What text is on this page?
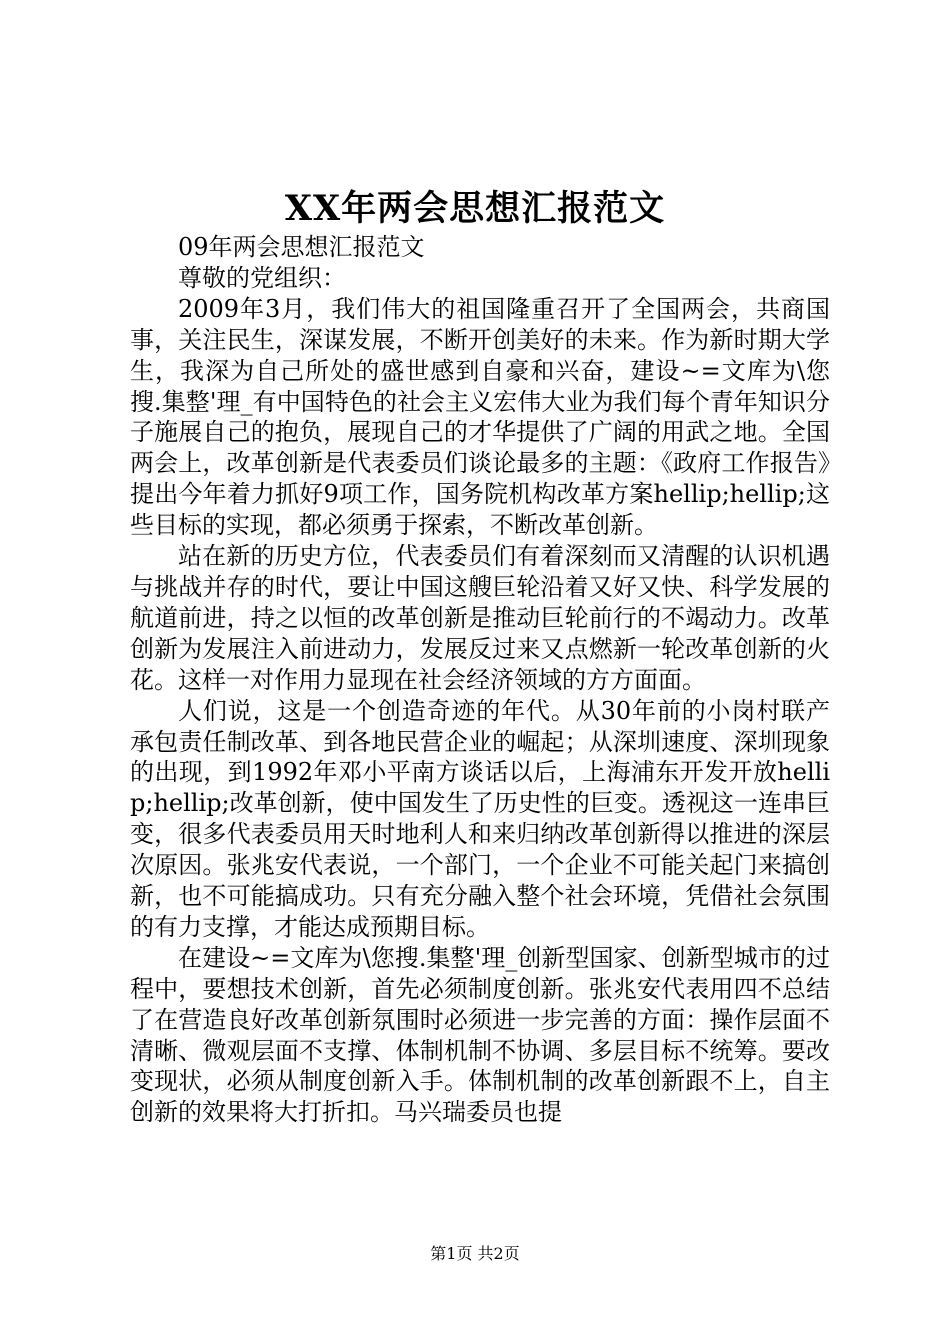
XX年两会思想汇报范文

09年两会思想汇报范文

尊敬的党组织：

2009年3月，我们伟大的祖国隆重召开了全国两会，共商国事，关注民生，深谋发展，不断开创美好的未来。作为新时期大学生，我深为自己所处的盛世感到自豪和兴奋，建设~=文库为\您搜.集整'理_有中国特色的社会主义宏伟大业为我们每个青年知识分子施展自己的抱负，展现自己的才华提供了广阔的用武之地。全国两会上，改革创新是代表委员们谈论最多的主题：《政府工作报告》提出今年着力抓好9项工作，国务院机构改革方案hellip;hellip;这些目标的实现，都必须勇于探索，不断改革创新。

站在新的历史方位，代表委员们有着深刻而又清醒的认识机遇与挑战并存的时代，要让中国这艘巨轮沿着又好又快、科学发展的航道前进，持之以恒的改革创新是推动巨轮前行的不竭动力。改革创新为发展注入前进动力，发展反过来又点燃新一轮改革创新的火花。这样一对作用力显现在社会经济领域的方方面面。

人们说，这是一个创造奇迹的年代。从30年前的小岗村联产承包责任制改革、到各地民营企业的崛起；从深圳速度、深圳现象的出现，到1992年邓小平南方谈话以后，上海浦东开发开放hellip;hellip;改革创新，使中国发生了历史性的巨变。透视这一连串巨变，很多代表委员用天时地利人和来归纳改革创新得以推进的深层次原因。张兆安代表说，一个部门，一个企业不可能关起门来搞创新，也不可能搞成功。只有充分融入整个社会环境，凭借社会氛围的有力支撑，才能达成预期目标。

在建设~=文库为\您搜.集整'理_创新型国家、创新型城市的过程中，要想技术创新，首先必须制度创新。张兆安代表用四不总结了在营造良好改革创新氛围时必须进一步完善的方面：操作层面不清晰、微观层面不支撑、体制机制不协调、多层目标不统筹。要改变现状，必须从制度创新入手。体制机制的改革创新跟不上，自主创新的效果将大打折扣。马兴瑞委员也提

第1页 共2页
